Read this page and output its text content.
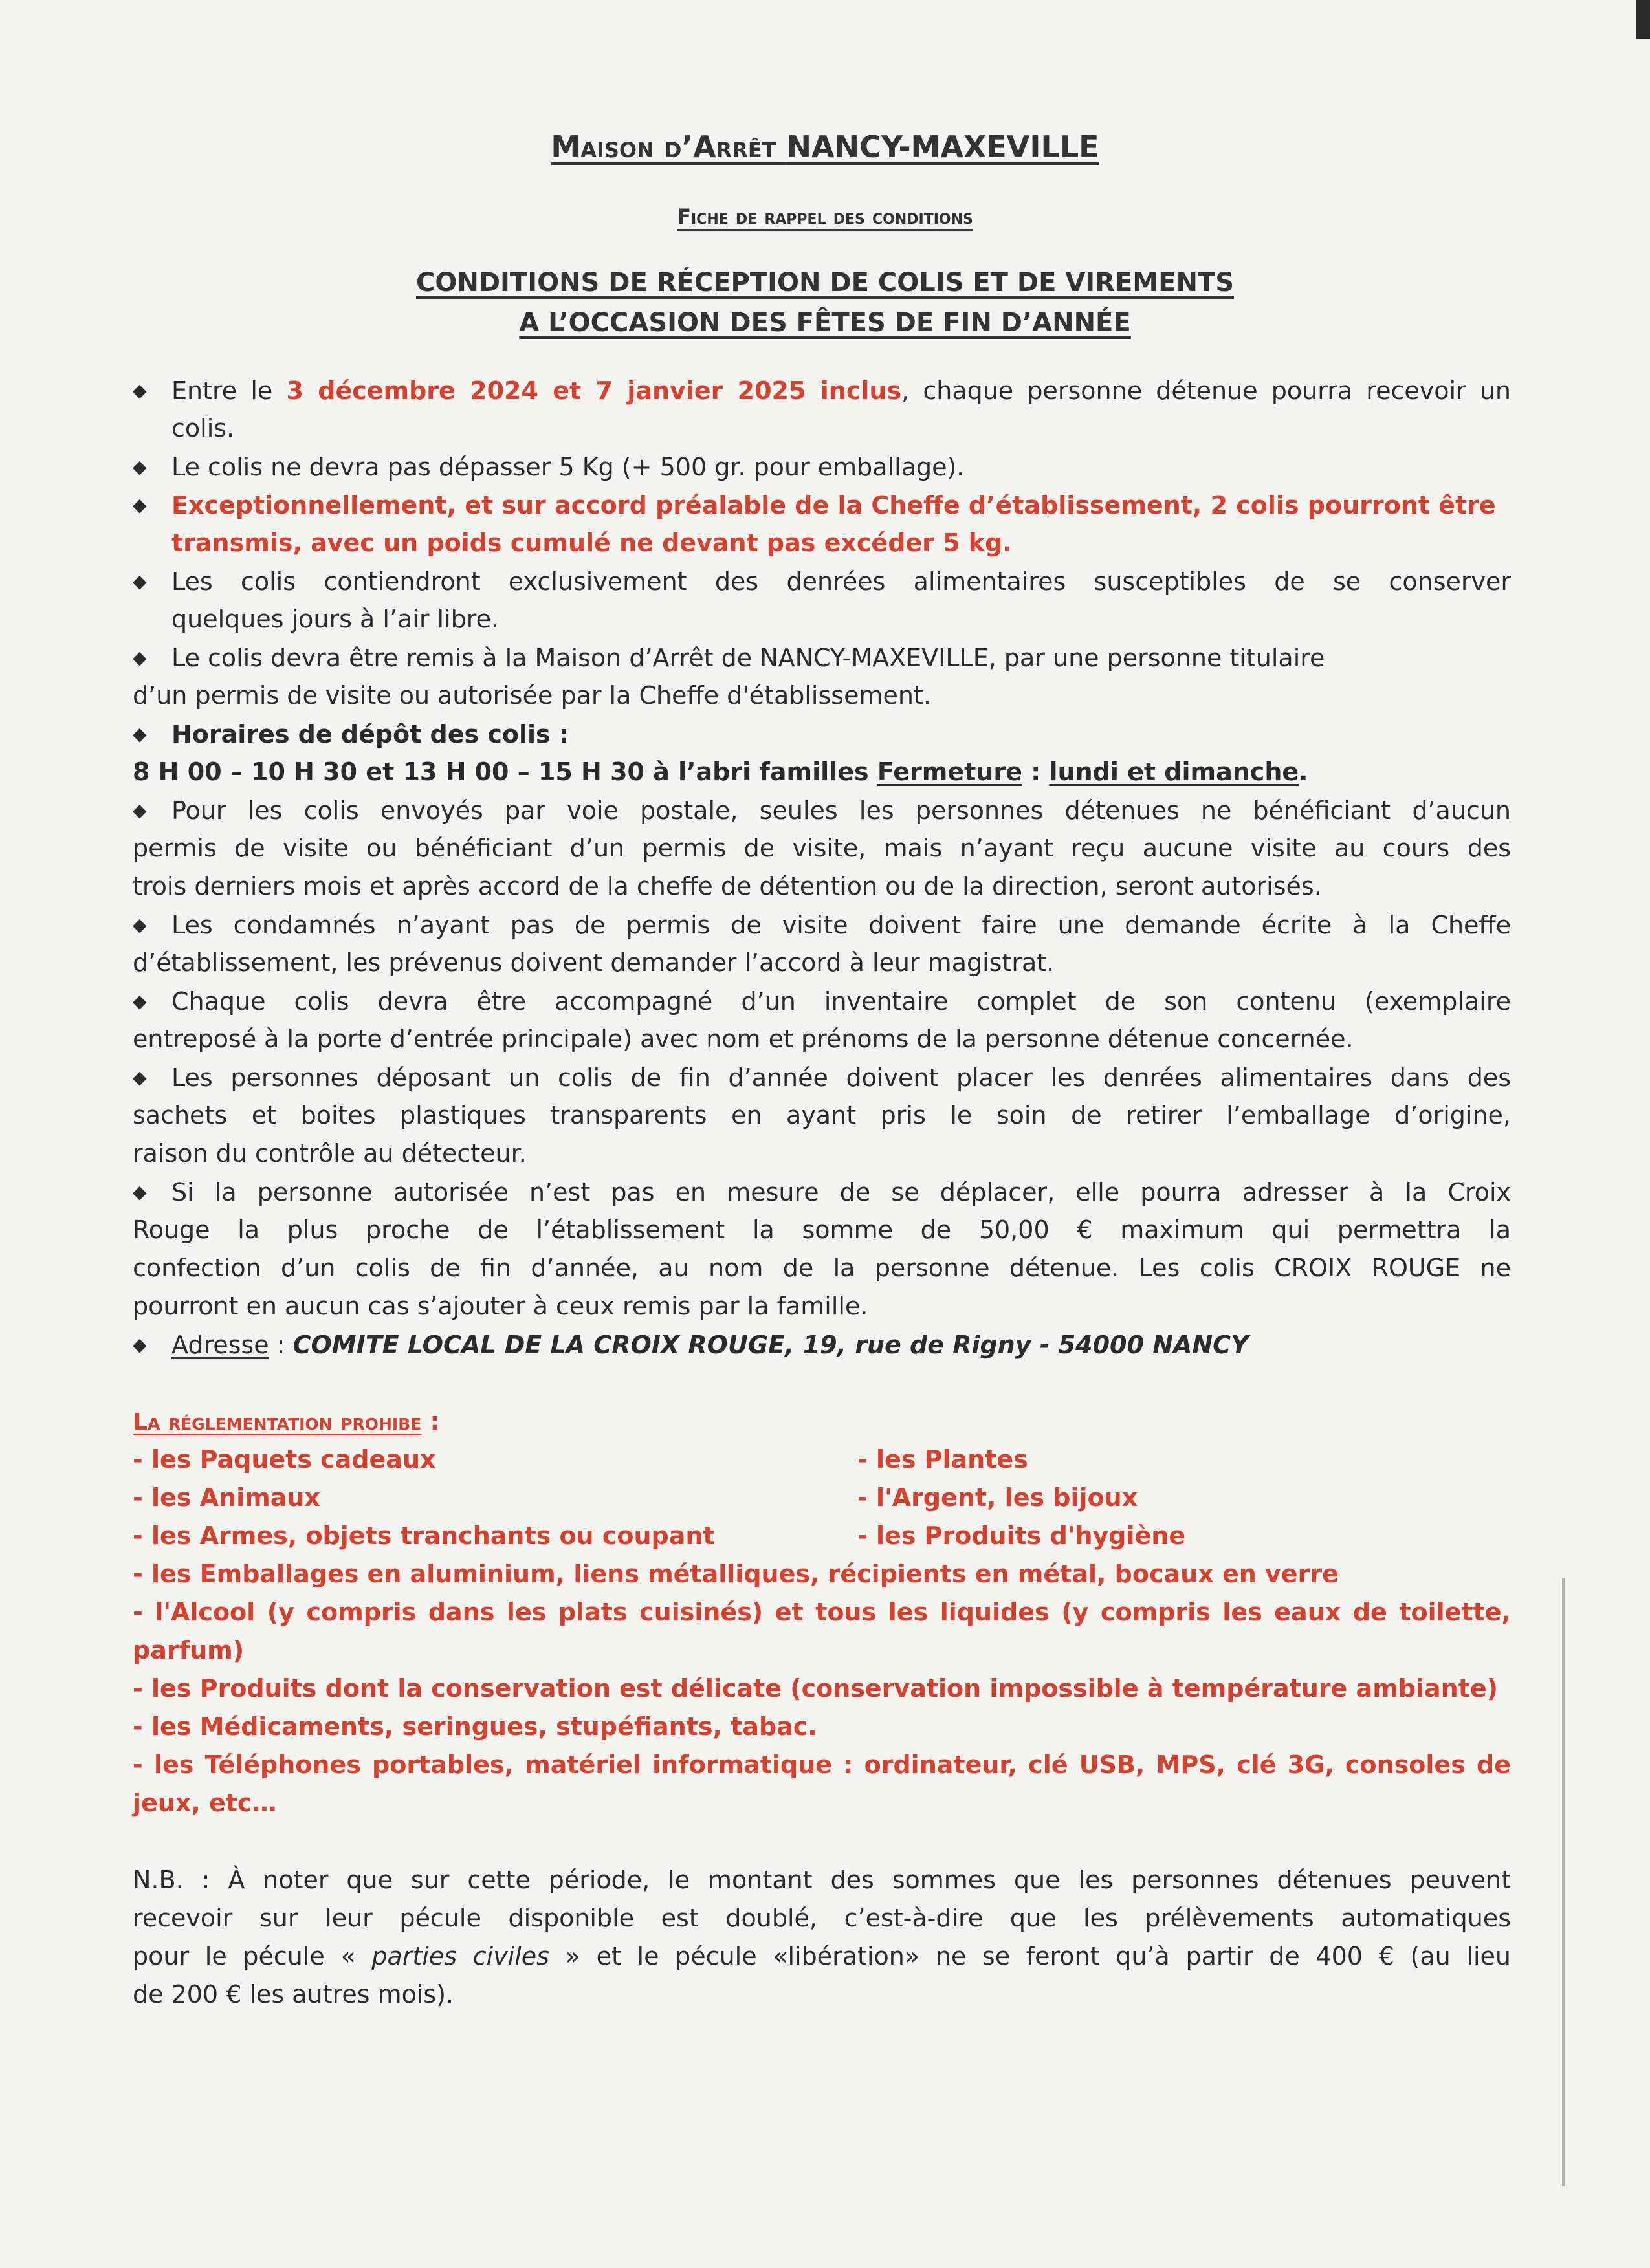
Maison d’Arrêt NANCY-MAXEVILLE
Fiche de rappel des conditions
CONDITIONS DE RÉCEPTION DE COLIS ET DE VIREMENTS
A L’OCCASION DES FÊTES DE FIN D’ANNÉE
◆ Entre le 3 décembre 2024 et 7 janvier 2025 inclus, chaque personne détenue pourra recevoir un
colis.
◆ Le colis ne devra pas dépasser 5 Kg (+ 500 gr. pour emballage).
◆ Exceptionnellement, et sur accord préalable de la Cheffe d’établissement, 2 colis pourront être
transmis, avec un poids cumulé ne devant pas excéder 5 kg.
◆ Les colis contiendront exclusivement des denrées alimentaires susceptibles de se conserver
quelques jours à l’air libre.
◆ Le colis devra être remis à la Maison d’Arrêt de NANCY-MAXEVILLE, par une personne titulaire
d’un permis de visite ou autorisée par la Cheffe d'établissement.
◆ Horaires de dépôt des colis :
8 H 00 – 10 H 30 et 13 H 00 – 15 H 30 à l’abri familles Fermeture : lundi et dimanche.
◆ Pour les colis envoyés par voie postale, seules les personnes détenues ne bénéficiant d’aucun
permis de visite ou bénéficiant d’un permis de visite, mais n’ayant reçu aucune visite au cours des
trois derniers mois et après accord de la cheffe de détention ou de la direction, seront autorisés.
◆ Les condamnés n’ayant pas de permis de visite doivent faire une demande écrite à la Cheffe
d’établissement, les prévenus doivent demander l’accord à leur magistrat.
◆ Chaque colis devra être accompagné d’un inventaire complet de son contenu (exemplaire
entreposé à la porte d’entrée principale) avec nom et prénoms de la personne détenue concernée.
◆ Les personnes déposant un colis de fin d’année doivent placer les denrées alimentaires dans des
sachets et boites plastiques transparents en ayant pris le soin de retirer l’emballage d’origine,
raison du contrôle au détecteur.
◆ Si la personne autorisée n’est pas en mesure de se déplacer, elle pourra adresser à la Croix
Rouge la plus proche de l’établissement la somme de 50,00 € maximum qui permettra la
confection d’un colis de fin d’année, au nom de la personne détenue. Les colis CROIX ROUGE ne
pourront en aucun cas s’ajouter à ceux remis par la famille.
◆ Adresse : COMITE LOCAL DE LA CROIX ROUGE, 19, rue de Rigny - 54000 NANCY
La réglementation prohibe :
- les Paquets cadeaux	- les Plantes
- les Animaux	- l'Argent, les bijoux
- les Armes, objets tranchants ou coupant	- les Produits d'hygiène
- les Emballages en aluminium, liens métalliques, récipients en métal, bocaux en verre
- l'Alcool (y compris dans les plats cuisinés) et tous les liquides (y compris les eaux de toilette,
parfum)
- les Produits dont la conservation est délicate (conservation impossible à température ambiante)
- les Médicaments, seringues, stupéfiants, tabac.
- les Téléphones portables, matériel informatique : ordinateur, clé USB, MPS, clé 3G, consoles de
jeux, etc…
N.B. : À noter que sur cette période, le montant des sommes que les personnes détenues peuvent
recevoir sur leur pécule disponible est doublé, c’est-à-dire que les prélèvements automatiques
pour le pécule « parties civiles » et le pécule «libération» ne se feront qu’à partir de 400 € (au lieu
de 200 € les autres mois).
